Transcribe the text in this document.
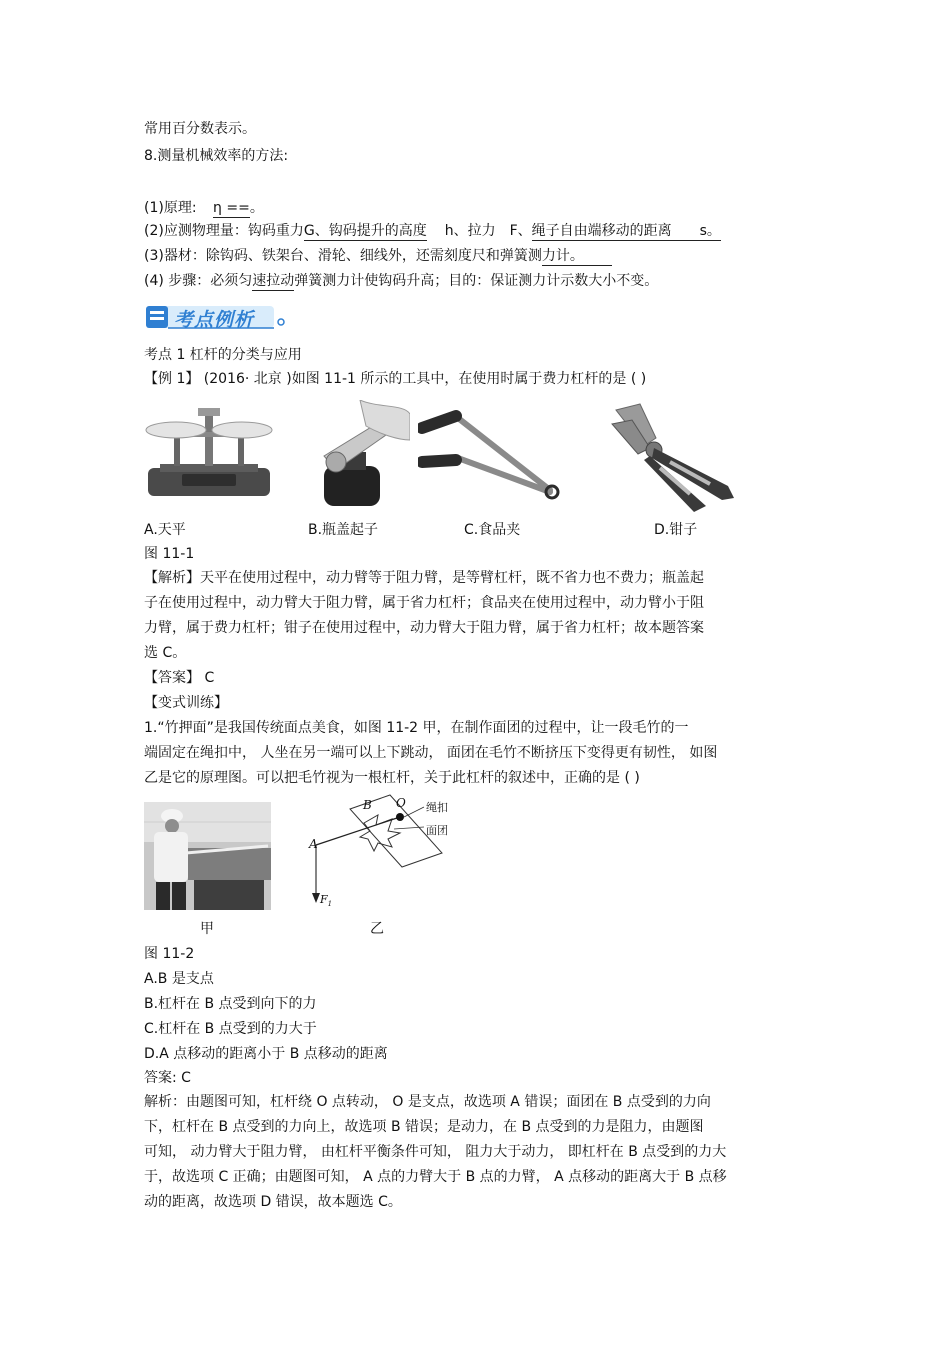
常用百分数表示。
8.测量机械效率的方法:
(1)原理: η ==。
(2)应测物理量：钩码重力G、钩码提升的高度 h、拉力 F、绳子自由端移动的距离 s。
(3)器材：除钩码、铁架台、滑轮、细线外，还需刻度尺和弹簧测力计。
(4) 步骤：必须匀速拉动弹簧测力计使钩码升高；目的：保证测力计示数大小不变。
考点例析
考点 1 杠杆的分类与应用
【例 1】 (2016· 北京 )如图 11-1 所示的工具中，在使用时属于费力杠杆的是 ( )
A.天平	B.瓶盖起子	C.食品夹	D.钳子
图 11-1
【解析】天平在使用过程中，动力臂等于阻力臂，是等臂杠杆，既不省力也不费力；瓶盖起
子在使用过程中，动力臂大于阻力臂，属于省力杠杆；食品夹在使用过程中，动力臂小于阻
力臂，属于费力杠杆；钳子在使用过程中，动力臂大于阻力臂，属于省力杠杆；故本题答案
选 C。
【答案】 C
【变式训练】
1.“竹押面”是我国传统面点美食，如图 11-2 甲，在制作面团的过程中，让一段毛竹的一
端固定在绳扣中， 人坐在另一端可以上下跳动， 面团在毛竹不断挤压下变得更有韧性， 如图
乙是它的原理图。可以把毛竹视为一根杠杆，关于此杠杆的叙述中，正确的是 ( )
B O
A
$F_1$
绳扣
面团
甲	乙
图 11-2
A.B 是支点
B.杠杆在 B 点受到向下的力
C.杠杆在 B 点受到的力大于
D.A 点移动的距离小于 B 点移动的距离
答案: C
解析：由题图可知，杠杆绕 O 点转动， O 是支点，故选项 A 错误；面团在 B 点受到的力向
下，杠杆在 B 点受到的力向上，故选项 B 错误；是动力，在 B 点受到的力是阻力，由题图
可知， 动力臂大于阻力臂， 由杠杆平衡条件可知， 阻力大于动力， 即杠杆在 B 点受到的力大
于，故选项 C 正确；由题图可知， A 点的力臂大于 B 点的力臂， A 点移动的距离大于 B 点移
动的距离，故选项 D 错误，故本题选 C。
